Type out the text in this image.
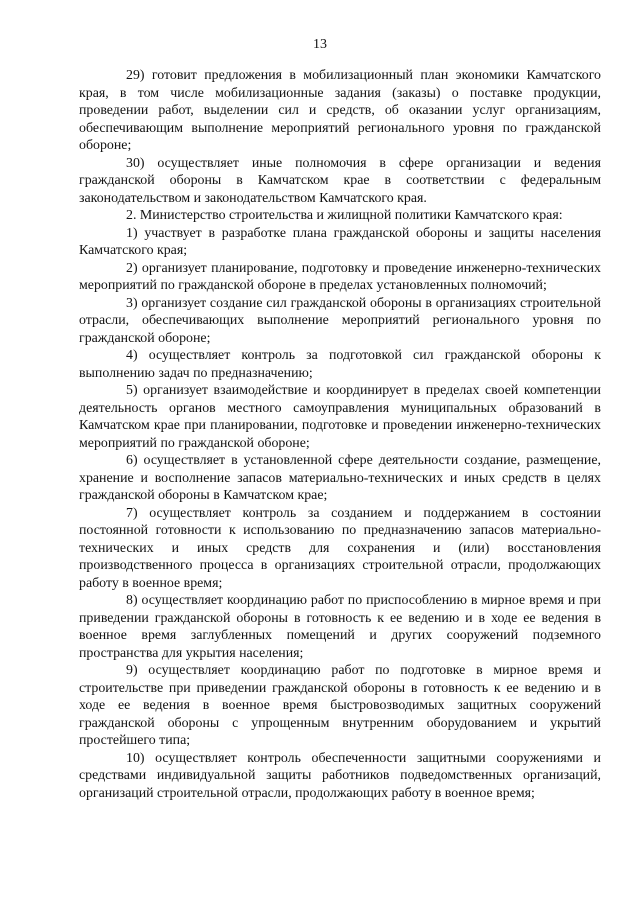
13

29) готовит предложения в мобилизационный план экономики Камчатского края, в том числе мобилизационные задания (заказы) о поставке продукции, проведении работ, выделении сил и средств, об оказании услуг организациям, обеспечивающим выполнение мероприятий регионального уровня по гражданской обороне;

30) осуществляет иные полномочия в сфере организации и ведения гражданской обороны в Камчатском крае в соответствии с федеральным законодательством и законодательством Камчатского края.

2. Министерство строительства и жилищной политики Камчатского края:

1) участвует в разработке плана гражданской обороны и защиты населения Камчатского края;

2) организует планирование, подготовку и проведение инженерно-технических мероприятий по гражданской обороне в пределах установленных полномочий;

3) организует создание сил гражданской обороны в организациях строительной отрасли, обеспечивающих выполнение мероприятий регионального уровня по гражданской обороне;

4) осуществляет контроль за подготовкой сил гражданской обороны к выполнению задач по предназначению;

5) организует взаимодействие и координирует в пределах своей компетенции деятельность органов местного самоуправления муниципальных образований в Камчатском крае при планировании, подготовке и проведении инженерно-технических мероприятий по гражданской обороне;

6) осуществляет в установленной сфере деятельности создание, размещение, хранение и восполнение запасов материально-технических и иных средств в целях гражданской обороны в Камчатском крае;

7) осуществляет контроль за созданием и поддержанием в состоянии постоянной готовности к использованию по предназначению запасов материально-технических и иных средств для сохранения и (или) восстановления производственного процесса в организациях строительной отрасли, продолжающих работу в военное время;

8) осуществляет координацию работ по приспособлению в мирное время и при приведении гражданской обороны в готовность к ее ведению и в ходе ее ведения в военное время заглубленных помещений и других сооружений подземного пространства для укрытия населения;

9) осуществляет координацию работ по подготовке в мирное время и строительстве при приведении гражданской обороны в готовность к ее ведению и в ходе ее ведения в военное время быстровозводимых защитных сооружений гражданской обороны с упрощенным внутренним оборудованием и укрытий простейшего типа;

10) осуществляет контроль обеспеченности защитными сооружениями и средствами индивидуальной защиты работников подведомственных организаций, организаций строительной отрасли, продолжающих работу в военное время;
